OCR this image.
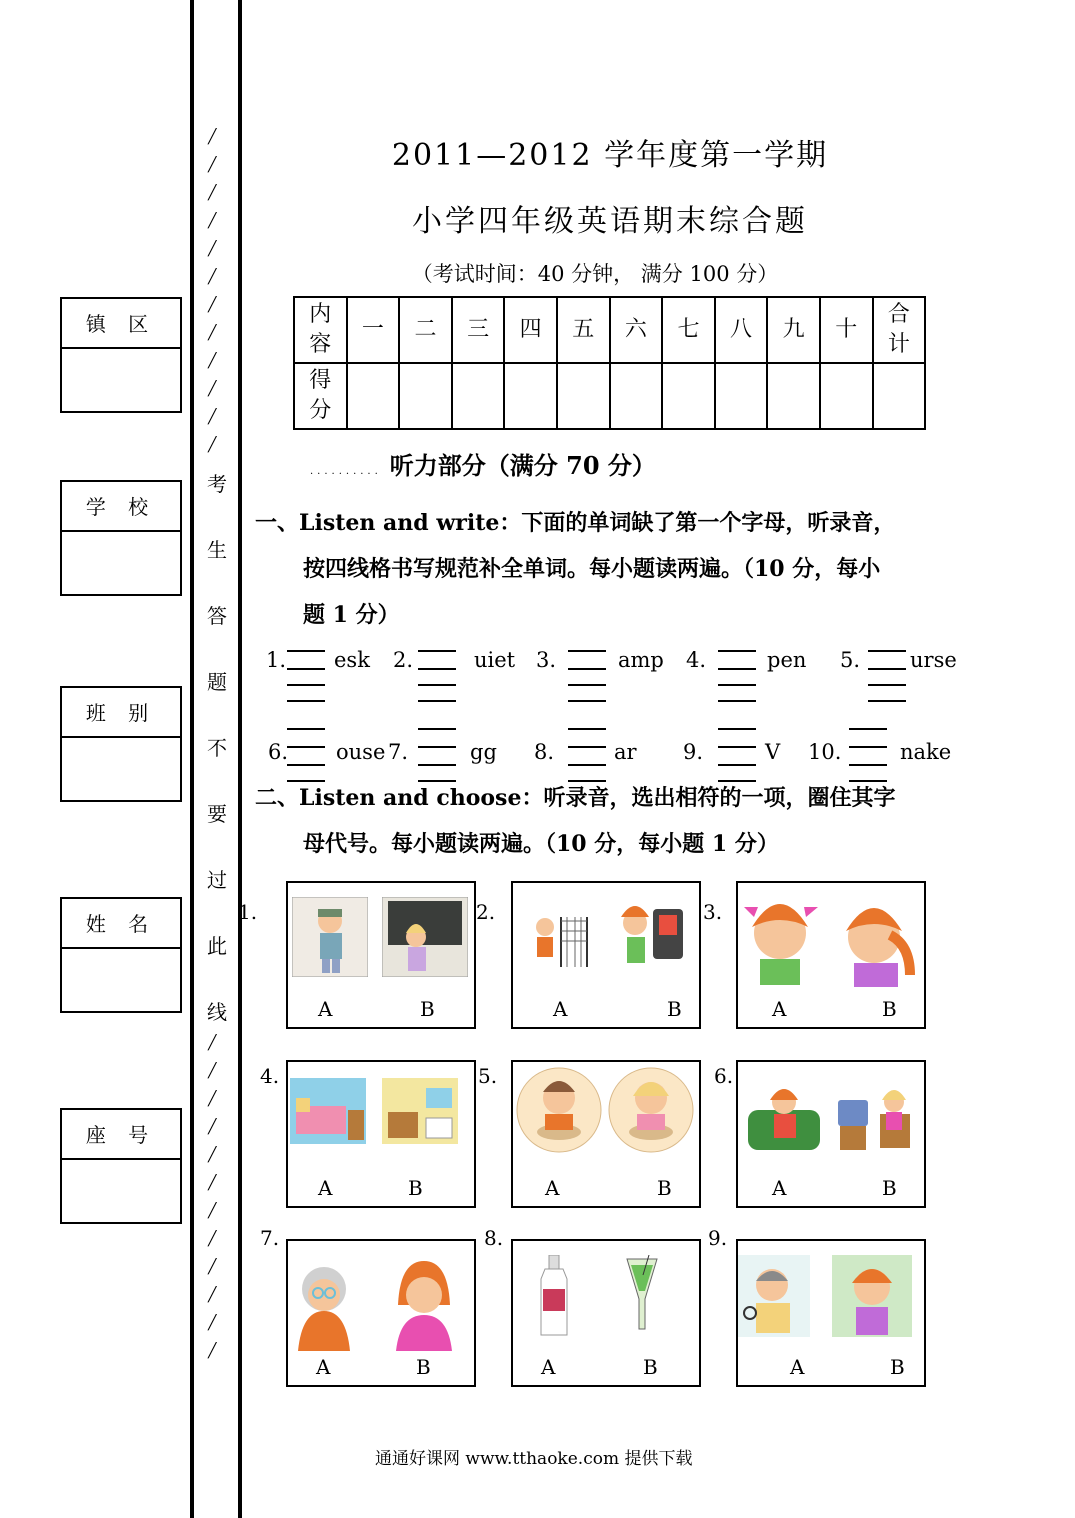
╱
╱
╱
╱
╱
╱
╱
╱
╱
╱
╱
╱
╱
╱
╱
╱
╱
╱
╱
╱
╱
╱
╱
╱
考
生
答
题
不
要
过
此
线
镇 区
学 校
班 别
姓 名
座 号
2011—2012 学年度第一学期
小学四年级英语期末综合题
（考试时间：40 分钟， 满分 100 分）
内容	一	二	三	四	五	六	七	八	九	十	合计
得分											
.......... 听力部分（满分 70 分）
一、Listen and write：下面的单词缺了第一个字母，听录音，
按四线格书写规范补全单词。每小题读两遍。（10 分，每小
题 1 分）
1. esk 2.	uiet 3.	amp 4.	pen 5. urse
6. ouse 7.	gg 8.	ar 9.	V 10.	nake
二、Listen and choose：听录音，选出相符的一项，圈住其字
母代号。每小题读两遍。（10 分，每小题 1 分）
1.
A	B
2.
A	B
3.
A	B
4.
A	B
5.
A	B
6.
A	B
7.
A	B
8.
A	B
9.
A	B
通通好课网 www.tthaoke.com 提供下载
